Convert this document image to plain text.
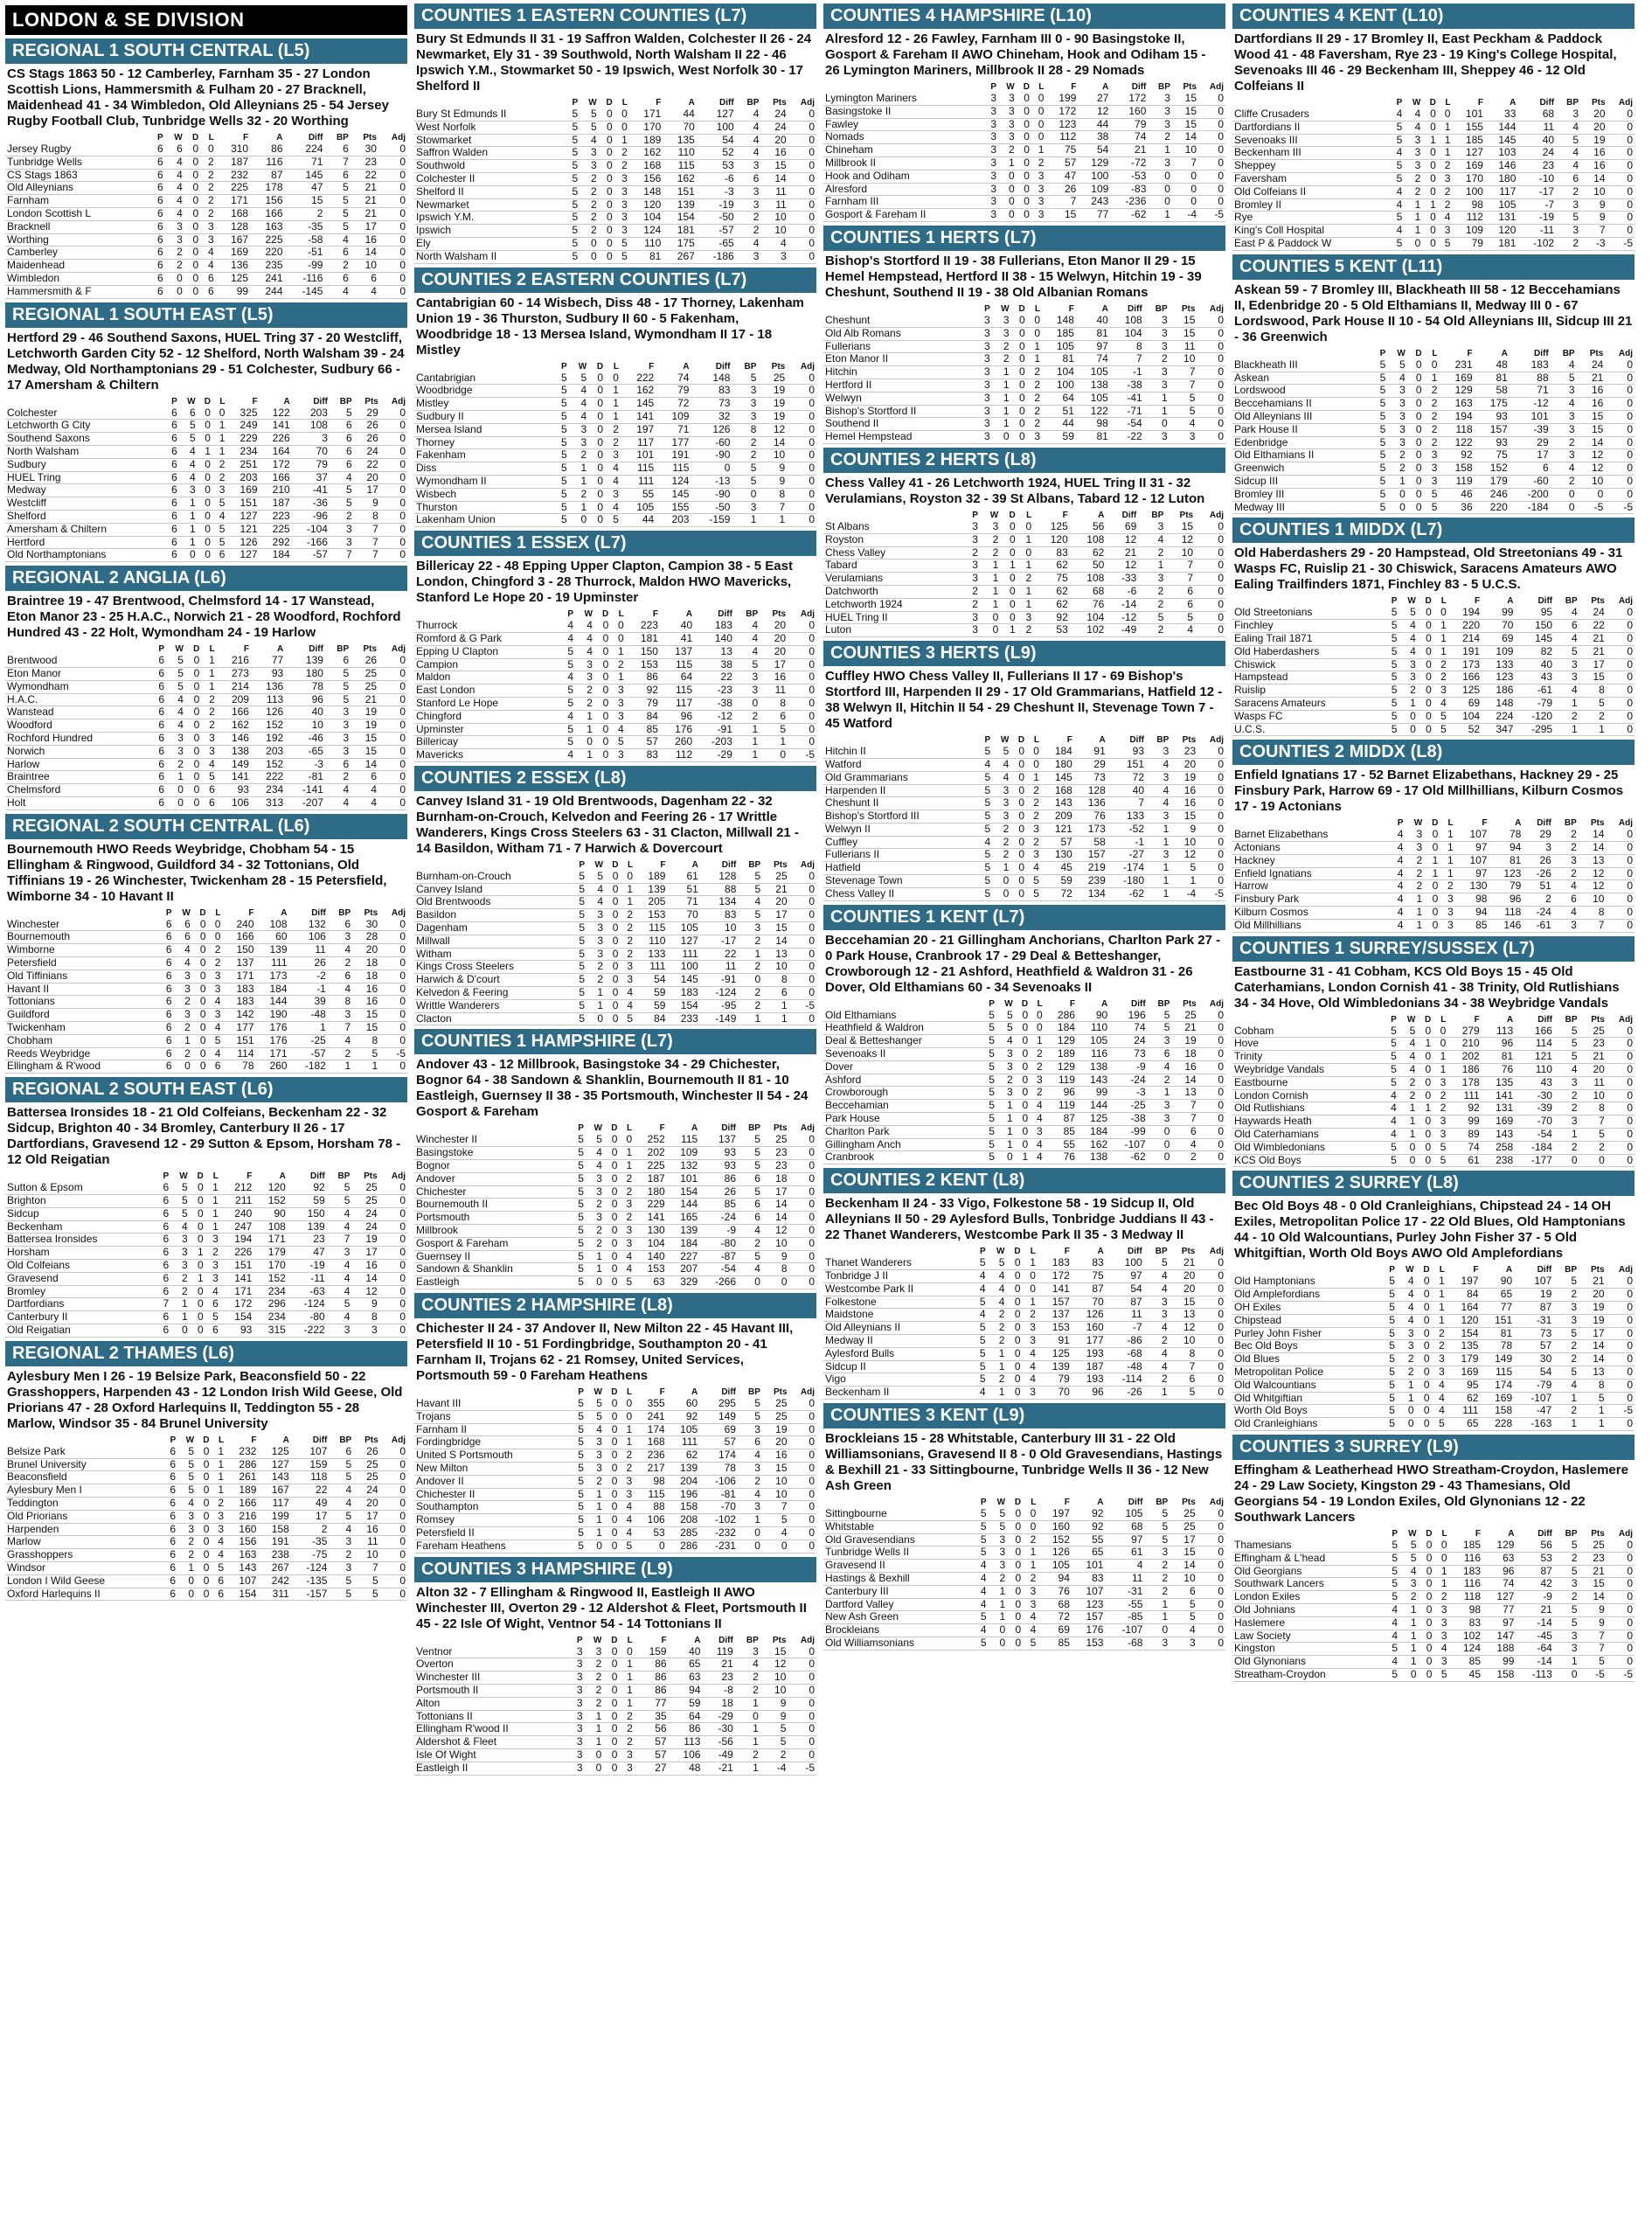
LONDON & SE DIVISION
REGIONAL 1 SOUTH CENTRAL (L5)
CS Stags 1863 50 - 12 Camberley, Farnham 35 - 27 London Scottish Lions, Hammersmith & Fulham 20 - 27 Bracknell, Maidenhead 41 - 34 Wimbledon, Old Alleynians 25 - 54 Jersey Rugby Football Club, Tunbridge Wells 32 - 20 Worthing
	P	W	D	L	F	A	Diff	BP	Pts	Adj
Jersey Rugby	6	6	0	0	310	86	224	6	30	0
Tunbridge Wells	6	4	0	2	187	116	71	7	23	0
CS Stags 1863	6	4	0	2	232	87	145	6	22	0
Old Alleynians	6	4	0	2	225	178	47	5	21	0
Farnham	6	4	0	2	171	156	15	5	21	0
London Scottish L	6	4	0	2	168	166	2	5	21	0
Bracknell	6	3	0	3	128	163	-35	5	17	0
Worthing	6	3	0	3	167	225	-58	4	16	0
Camberley	6	2	0	4	169	220	-51	6	14	0
Maidenhead	6	2	0	4	136	235	-99	2	10	0
Wimbledon	6	0	0	6	125	241	-116	6	6	0
Hammersmith & F	6	0	0	6	99	244	-145	4	4	0
REGIONAL 1 SOUTH EAST (L5)
Hertford 29 - 46 Southend Saxons, HUEL Tring 37 - 20 Westcliff, Letchworth Garden City 52 - 12 Shelford, North Walsham 39 - 24 Medway, Old Northamptonians 29 - 51 Colchester, Sudbury 66 - 17 Amersham & Chiltern
	P	W	D	L	F	A	Diff	BP	Pts	Adj
Colchester	6	6	0	0	325	122	203	5	29	0
Letchworth G City	6	5	0	1	249	141	108	6	26	0
Southend Saxons	6	5	0	1	229	226	3	6	26	0
North Walsham	6	4	1	1	234	164	70	6	24	0
Sudbury	6	4	0	2	251	172	79	6	22	0
HUEL Tring	6	4	0	2	203	166	37	4	20	0
Medway	6	3	0	3	169	210	-41	5	17	0
Westcliff	6	1	0	5	151	187	-36	5	9	0
Shelford	6	1	0	4	127	223	-96	2	8	0
Amersham & Chiltern	6	1	0	5	121	225	-104	3	7	0
Hertford	6	1	0	5	126	292	-166	3	7	0
Old Northamptonians	6	0	0	6	127	184	-57	7	7	0
REGIONAL 2 ANGLIA (L6)
Braintree 19 - 47 Brentwood, Chelmsford 14 - 17 Wanstead, Eton Manor 23 - 25 H.A.C., Norwich 21 - 28 Woodford, Rochford Hundred 43 - 22 Holt, Wymondham 24 - 19 Harlow
	P	W	D	L	F	A	Diff	BP	Pts	Adj
Brentwood	6	5	0	1	216	77	139	6	26	0
Eton Manor	6	5	0	1	273	93	180	5	25	0
Wymondham	6	5	0	1	214	136	78	5	25	0
H.A.C.	6	4	0	2	209	113	96	5	21	0
Wanstead	6	4	0	2	166	126	40	3	19	0
Woodford	6	4	0	2	162	152	10	3	19	0
Rochford Hundred	6	3	0	3	146	192	-46	3	15	0
Norwich	6	3	0	3	138	203	-65	3	15	0
Harlow	6	2	0	4	149	152	-3	6	14	0
Braintree	6	1	0	5	141	222	-81	2	6	0
Chelmsford	6	0	0	6	93	234	-141	4	4	0
Holt	6	0	0	6	106	313	-207	4	4	0
REGIONAL 2 SOUTH CENTRAL (L6)
Bournemouth HWO Reeds Weybridge, Chobham 54 - 15 Ellingham & Ringwood, Guildford 34 - 32 Tottonians, Old Tiffinians 19 - 26 Winchester, Twickenham 28 - 15 Petersfield, Wimborne 34 - 10 Havant II
	P	W	D	L	F	A	Diff	BP	Pts	Adj
Winchester	6	6	0	0	240	108	132	6	30	0
Bournemouth	6	6	0	0	166	60	106	3	28	0
Wimborne	6	4	0	2	150	139	11	4	20	0
Petersfield	6	4	0	2	137	111	26	2	18	0
Old Tiffinians	6	3	0	3	171	173	-2	6	18	0
Havant II	6	3	0	3	183	184	-1	4	16	0
Tottonians	6	2	0	4	183	144	39	8	16	0
Guildford	6	3	0	3	142	190	-48	3	15	0
Twickenham	6	2	0	4	177	176	1	7	15	0
Chobham	6	1	0	5	151	176	-25	4	8	0
Reeds Weybridge	6	2	0	4	114	171	-57	2	5	-5
Ellingham & R'wood	6	0	0	6	78	260	-182	1	1	0
REGIONAL 2 SOUTH EAST (L6)
Battersea Ironsides 18 - 21 Old Colfeians, Beckenham 22 - 32 Sidcup, Brighton 40 - 34 Bromley, Canterbury II 26 - 17 Dartfordians, Gravesend 12 - 29 Sutton & Epsom, Horsham 78 - 12 Old Reigatian
	P	W	D	L	F	A	Diff	BP	Pts	Adj
Sutton & Epsom	6	5	0	1	212	120	92	5	25	0
Brighton	6	5	0	1	211	152	59	5	25	0
Sidcup	6	5	0	1	240	90	150	4	24	0
Beckenham	6	4	0	1	247	108	139	4	24	0
Battersea Ironsides	6	3	0	3	194	171	23	7	19	0
Horsham	6	3	1	2	226	179	47	3	17	0
Old Colfeians	6	3	0	3	151	170	-19	4	16	0
Gravesend	6	2	1	3	141	152	-11	4	14	0
Bromley	6	2	0	4	171	234	-63	4	12	0
Dartfordians	7	1	0	6	172	296	-124	5	9	0
Canterbury II	6	1	0	5	154	234	-80	4	8	0
Old Reigatian	6	0	0	6	93	315	-222	3	3	0
REGIONAL 2 THAMES (L6)
Aylesbury Men I 26 - 19 Belsize Park, Beaconsfield 50 - 22 Grasshoppers, Harpenden 43 - 12 London Irish Wild Geese, Old Priorians 47 - 28 Oxford Harlequins II, Teddington 55 - 28 Marlow, Windsor 35 - 84 Brunel University
	P	W	D	L	F	A	Diff	BP	Pts	Adj
Belsize Park	6	5	0	1	232	125	107	6	26	0
Brunel University	6	5	0	1	286	127	159	5	25	0
Beaconsfield	6	5	0	1	261	143	118	5	25	0
Aylesbury Men I	6	5	0	1	189	167	22	4	24	0
Teddington	6	4	0	2	166	117	49	4	20	0
Old Priorians	6	3	0	3	216	199	17	5	17	0
Harpenden	6	3	0	3	160	158	2	4	16	0
Marlow	6	2	0	4	156	191	-35	3	11	0
Grasshoppers	6	2	0	4	163	238	-75	2	10	0
Windsor	6	1	0	5	143	267	-124	3	7	0
London I Wild Geese	6	0	0	6	107	242	-135	5	5	0
Oxford Harlequins II	6	0	0	6	154	311	-157	5	5	0
COUNTIES 1 EASTERN COUNTIES (L7)
Bury St Edmunds II 31 - 19 Saffron Walden, Colchester II 26 - 24 Newmarket, Ely 31 - 39 Southwold, North Walsham II 22 - 46 Ipswich Y.M., Stowmarket 50 - 19 Ipswich, West Norfolk 30 - 17 Shelford II
	P	W	D	L	F	A	Diff	BP	Pts	Adj
Bury St Edmunds II	5	5	0	0	171	44	127	4	24	0
West Norfolk	5	5	0	0	170	70	100	4	24	0
Stowmarket	5	4	0	1	189	135	54	4	20	0
Saffron Walden	5	3	0	2	162	110	52	4	16	0
Southwold	5	3	0	2	168	115	53	3	15	0
Colchester II	5	2	0	3	156	162	-6	6	14	0
Shelford II	5	2	0	3	148	151	-3	3	11	0
Newmarket	5	2	0	3	120	139	-19	3	11	0
Ipswich Y.M.	5	2	0	3	104	154	-50	2	10	0
Ipswich	5	2	0	3	124	181	-57	2	10	0
Ely	5	0	0	5	110	175	-65	4	4	0
North Walsham II	5	0	0	5	81	267	-186	3	3	0
COUNTIES 2 EASTERN COUNTIES (L7)
Cantabrigian 60 - 14 Wisbech, Diss 48 - 17 Thorney, Lakenham Union 19 - 36 Thurston, Sudbury II 60 - 5 Fakenham, Woodbridge 18 - 13 Mersea Island, Wymondham II 17 - 18 Mistley
	P	W	D	L	F	A	Diff	BP	Pts	Adj
Cantabrigian	5	5	0	0	222	74	148	5	25	0
Woodbridge	5	4	0	1	162	79	83	3	19	0
Mistley	5	4	0	1	145	72	73	3	19	0
Sudbury II	5	4	0	1	141	109	32	3	19	0
Mersea Island	5	3	0	2	197	71	126	8	12	0
Thorney	5	3	0	2	117	177	-60	2	14	0
Fakenham	5	2	0	3	101	191	-90	2	10	0
Diss	5	1	0	4	115	115	0	5	9	0
Wymondham II	5	1	0	4	111	124	-13	5	9	0
Wisbech	5	2	0	3	55	145	-90	0	8	0
Thurston	5	1	0	4	105	155	-50	3	7	0
Lakenham Union	5	0	0	5	44	203	-159	1	1	0
COUNTIES 1 ESSEX (L7)
Billericay 22 - 48 Epping Upper Clapton, Campion 38 - 5 East London, Chingford 3 - 28 Thurrock, Maldon HWO Mavericks, Stanford Le Hope 20 - 19 Upminster
	P	W	D	L	F	A	Diff	BP	Pts	Adj
Thurrock	4	4	0	0	223	40	183	4	20	0
Romford & G Park	4	4	0	0	181	41	140	4	20	0
Epping U Clapton	5	4	0	1	150	137	13	4	20	0
Campion	5	3	0	2	153	115	38	5	17	0
Maldon	4	3	0	1	86	64	22	3	16	0
East London	5	2	0	3	92	115	-23	3	11	0
Stanford Le Hope	5	2	0	3	79	117	-38	0	8	0
Chingford	4	1	0	3	84	96	-12	2	6	0
Upminster	5	1	0	4	85	176	-91	1	5	0
Billericay	5	0	0	5	57	260	-203	1	1	0
Mavericks	4	1	0	3	83	112	-29	1	0	-5
COUNTIES 2 ESSEX (L8)
Canvey Island 31 - 19 Old Brentwoods, Dagenham 22 - 32 Burnham-on-Crouch, Kelvedon and Feering 26 - 17 Writtle Wanderers, Kings Cross Steelers 63 - 31 Clacton, Millwall 21 - 14 Basildon, Witham 71 - 7 Harwich & Dovercourt
	P	W	D	L	F	A	Diff	BP	Pts	Adj
Burnham-on-Crouch	5	5	0	0	189	61	128	5	25	0
Canvey Island	5	4	0	1	139	51	88	5	21	0
Old Brentwoods	5	4	0	1	205	71	134	4	20	0
Basildon	5	3	0	2	153	70	83	5	17	0
Dagenham	5	3	0	2	115	105	10	3	15	0
Millwall	5	3	0	2	110	127	-17	2	14	0
Witham	5	3	0	2	133	111	22	1	13	0
Kings Cross Steelers	5	2	0	3	111	100	11	2	10	0
Harwich & D'court	5	2	0	3	54	145	-91	0	8	0
Kelvedon & Feering	5	1	0	4	59	183	-124	2	6	0
Writtle Wanderers	5	1	0	4	59	154	-95	2	1	-5
Clacton	5	0	0	5	84	233	-149	1	1	0
COUNTIES 1 HAMPSHIRE (L7)
Andover 43 - 12 Millbrook, Basingstoke 34 - 29 Chichester, Bognor 64 - 38 Sandown & Shanklin, Bournemouth II 81 - 10 Eastleigh, Guernsey II 38 - 35 Portsmouth, Winchester II 54 - 24 Gosport & Fareham
	P	W	D	L	F	A	Diff	BP	Pts	Adj
Winchester II	5	5	0	0	252	115	137	5	25	0
Basingstoke	5	4	0	1	202	109	93	5	23	0
Bognor	5	4	0	1	225	132	93	5	23	0
Andover	5	3	0	2	187	101	86	6	18	0
Chichester	5	3	0	2	180	154	26	5	17	0
Bournemouth II	5	2	0	3	229	144	85	6	14	0
Portsmouth	5	3	0	2	141	165	-24	6	14	0
Millbrook	5	2	0	3	130	139	-9	4	12	0
Gosport & Fareham	5	2	0	3	104	184	-80	2	10	0
Guernsey II	5	1	0	4	140	227	-87	5	9	0
Sandown & Shanklin	5	1	0	4	153	207	-54	4	8	0
Eastleigh	5	0	0	5	63	329	-266	0	0	0
COUNTIES 2 HAMPSHIRE (L8)
Chichester II 24 - 37 Andover II, New Milton 22 - 45 Havant III, Petersfield II 10 - 51 Fordingbridge, Southampton 20 - 41 Farnham II, Trojans 62 - 21 Romsey, United Services, Portsmouth 59 - 0 Fareham Heathens
	P	W	D	L	F	A	Diff	BP	Pts	Adj
Havant III	5	5	0	0	355	60	295	5	25	0
Trojans	5	5	0	0	241	92	149	5	25	0
Farnham II	5	4	0	1	174	105	69	3	19	0
Fordingbridge	5	3	0	1	168	111	57	6	20	0
United S Portsmouth	5	3	0	2	236	62	174	4	16	0
New Milton	5	3	0	2	217	139	78	3	15	0
Andover II	5	2	0	3	98	204	-106	2	10	0
Chichester II	5	1	0	3	115	196	-81	4	10	0
Southampton	5	1	0	4	88	158	-70	3	7	0
Romsey	5	1	0	4	106	208	-102	1	5	0
Petersfield II	5	1	0	4	53	285	-232	0	4	0
Fareham Heathens	5	0	0	5	0	286	-231	0	0	0
COUNTIES 3 HAMPSHIRE (L9)
Alton 32 - 7 Ellingham & Ringwood II, Eastleigh II AWO Winchester III, Overton 29 - 12 Aldershot & Fleet, Portsmouth II 45 - 22 Isle Of Wight, Ventnor 54 - 14 Tottonians II
	P	W	D	L	F	A	Diff	BP	Pts	Adj
Ventnor	3	3	0	0	159	40	119	3	15	0
Overton	3	2	0	1	86	65	21	4	12	0
Winchester III	3	2	0	1	86	63	23	2	10	0
Portsmouth II	3	2	0	1	86	94	-8	2	10	0
Alton	3	2	0	1	77	59	18	1	9	0
Tottonians II	3	1	0	2	35	64	-29	0	9	0
Ellingham R'wood II	3	1	0	2	56	86	-30	1	5	0
Aldershot & Fleet	3	1	0	2	57	113	-56	1	5	0
Isle Of Wight	3	0	0	3	57	106	-49	2	2	0
Eastleigh II	3	0	0	3	27	48	-21	1	-4	-5
COUNTIES 4 HAMPSHIRE (L10)
Alresford 12 - 26 Fawley, Farnham III 0 - 90 Basingstoke II, Gosport & Fareham II AWO Chineham, Hook and Odiham 15 - 26 Lymington Mariners, Millbrook II 28 - 29 Nomads
	P	W	D	L	F	A	Diff	BP	Pts	Adj
Lymington Mariners	3	3	0	0	199	27	172	3	15	0
Basingstoke II	3	3	0	0	172	12	160	3	15	0
Fawley	3	3	0	0	123	44	79	3	15	0
Nomads	3	3	0	0	112	38	74	2	14	0
Chineham	3	2	0	1	75	54	21	1	10	0
Millbrook II	3	1	0	2	57	129	-72	3	7	0
Hook and Odiham	3	0	0	3	47	100	-53	0	0	0
Alresford	3	0	0	3	26	109	-83	0	0	0
Farnham III	3	0	0	3	7	243	-236	0	0	0
Gosport & Fareham II	3	0	0	3	15	77	-62	1	-4	-5
COUNTIES 1 HERTS (L7)
Bishop's Stortford II 19 - 38 Fullerians, Eton Manor II 29 - 15 Hemel Hempstead, Hertford II 38 - 15 Welwyn, Hitchin 19 - 39 Cheshunt, Southend II 19 - 38 Old Albanian Romans
	P	W	D	L	F	A	Diff	BP	Pts	Adj
Cheshunt	3	3	0	0	148	40	108	3	15	0
Old Alb Romans	3	3	0	0	185	81	104	3	15	0
Fullerians	3	2	0	1	105	97	8	3	11	0
Eton Manor II	3	2	0	1	81	74	7	2	10	0
Hitchin	3	1	0	2	104	105	-1	3	7	0
Hertford II	3	1	0	2	100	138	-38	3	7	0
Welwyn	3	1	0	2	64	105	-41	1	5	0
Bishop's Stortford II	3	1	0	2	51	122	-71	1	5	0
Southend II	3	1	0	2	44	98	-54	0	4	0
Hemel Hempstead	3	0	0	3	59	81	-22	3	3	0
COUNTIES 2 HERTS (L8)
Chess Valley 41 - 26 Letchworth 1924, HUEL Tring II 31 - 32 Verulamians, Royston 32 - 39 St Albans, Tabard 12 - 12 Luton
	P	W	D	L	F	A	Diff	BP	Pts	Adj
St Albans	3	3	0	0	125	56	69	3	15	0
Royston	3	2	0	1	120	108	12	4	12	0
Chess Valley	2	2	0	0	83	62	21	2	10	0
Tabard	3	1	1	1	62	50	12	1	7	0
Verulamians	3	1	0	2	75	108	-33	3	7	0
Datchworth	2	1	0	1	62	68	-6	2	6	0
Letchworth 1924	2	1	0	1	62	76	-14	2	6	0
HUEL Tring II	3	0	0	3	92	104	-12	5	5	0
Luton	3	0	1	2	53	102	-49	2	4	0
COUNTIES 3 HERTS (L9)
Cuffley HWO Chess Valley II, Fullerians II 17 - 69 Bishop's Stortford III, Harpenden II 29 - 17 Old Grammarians, Hatfield 12 - 38 Welwyn II, Hitchin II 54 - 29 Cheshunt II, Stevenage Town 7 - 45 Watford
	P	W	D	L	F	A	Diff	BP	Pts	Adj
Hitchin II	5	5	0	0	184	91	93	3	23	0
Watford	4	4	0	0	180	29	151	4	20	0
Old Grammarians	5	4	0	1	145	73	72	3	19	0
Harpenden II	5	3	0	2	168	128	40	4	16	0
Cheshunt II	5	3	0	2	143	136	7	4	16	0
Bishop's Stortford III	5	3	0	2	209	76	133	3	15	0
Welwyn II	5	2	0	3	121	173	-52	1	9	0
Cuffley	4	2	0	2	57	58	-1	1	10	0
Fullerians II	5	2	0	3	130	157	-27	3	12	0
Hatfield	5	1	0	4	45	219	-174	1	5	0
Stevenage Town	5	0	0	5	59	239	-180	1	1	0
Chess Valley II	5	0	0	5	72	134	-62	1	-4	-5
COUNTIES 1 KENT (L7)
Beccehamian 20 - 21 Gillingham Anchorians, Charlton Park 27 - 0 Park House, Cranbrook 17 - 29 Deal & Betteshanger, Crowborough 12 - 21 Ashford, Heathfield & Waldron 31 - 26 Dover, Old Elthamians 60 - 34 Sevenoaks II
	P	W	D	L	F	A	Diff	BP	Pts	Adj
Old Elthamians	5	5	0	0	286	90	196	5	25	0
Heathfield & Waldron	5	5	0	0	184	110	74	5	21	0
Deal & Betteshanger	5	4	0	1	129	105	24	3	19	0
Sevenoaks II	5	3	0	2	189	116	73	6	18	0
Dover	5	3	0	2	129	138	-9	4	16	0
Ashford	5	2	0	3	119	143	-24	2	14	0
Crowborough	5	3	0	2	96	99	-3	1	13	0
Beccehamian	5	1	0	4	119	144	-25	3	7	0
Park House	5	1	0	4	87	125	-38	3	7	0
Charlton Park	5	1	0	3	85	184	-99	0	6	0
Gillingham Anch	5	1	0	4	55	162	-107	0	4	0
Cranbrook	5	0	1	4	76	138	-62	0	2	0
COUNTIES 2 KENT (L8)
Beckenham II 24 - 33 Vigo, Folkestone 58 - 19 Sidcup II, Old Alleynians II 50 - 29 Aylesford Bulls, Tonbridge Juddians II 43 - 22 Thanet Wanderers, Westcombe Park II 35 - 3 Medway II
	P	W	D	L	F	A	Diff	BP	Pts	Adj
Thanet Wanderers	5	5	0	1	183	83	100	5	21	0
Tonbridge J II	4	4	0	0	172	75	97	4	20	0
Westcombe Park II	4	4	0	0	141	87	54	4	20	0
Folkestone	5	4	0	1	157	70	87	3	15	0
Maidstone	4	2	0	2	137	126	11	3	13	0
Old Alleynians II	5	2	0	3	153	160	-7	4	12	0
Medway II	5	2	0	3	91	177	-86	2	10	0
Aylesford Bulls	5	1	0	4	125	193	-68	4	8	0
Sidcup II	5	1	0	4	139	187	-48	4	7	0
Vigo	5	2	0	4	79	193	-114	2	6	0
Beckenham II	4	1	0	3	70	96	-26	1	5	0
COUNTIES 3 KENT (L9)
Brockleians 15 - 28 Whitstable, Canterbury III 31 - 22 Old Williamsonians, Gravesend II 8 - 0 Old Gravesendians, Hastings & Bexhill 21 - 33 Sittingbourne, Tunbridge Wells II 36 - 12 New Ash Green
	P	W	D	L	F	A	Diff	BP	Pts	Adj
Sittingbourne	5	5	0	0	197	92	105	5	25	0
Whitstable	5	5	0	0	160	92	68	5	25	0
Old Gravesendians	5	3	0	2	152	55	97	5	17	0
Tunbridge Wells II	5	3	0	1	126	65	61	3	15	0
Gravesend II	4	3	0	1	105	101	4	2	14	0
Hastings & Bexhill	4	2	0	2	94	83	11	2	10	0
Canterbury III	4	1	0	3	76	107	-31	2	6	0
Dartford Valley	4	1	0	3	68	123	-55	1	5	0
New Ash Green	5	1	0	4	72	157	-85	1	5	0
Brockleians	4	0	0	4	69	176	-107	0	4	0
Old Williamsonians	5	0	0	5	85	153	-68	3	3	0
COUNTIES 4 KENT (L10)
Dartfordians II 29 - 17 Bromley II, East Peckham & Paddock Wood 41 - 48 Faversham, Rye 23 - 19 King's College Hospital, Sevenoaks III 46 - 29 Beckenham III, Sheppey 46 - 12 Old Colfeians II
	P	W	D	L	F	A	Diff	BP	Pts	Adj
Cliffe Crusaders	4	4	0	0	101	33	68	3	20	0
Dartfordians II	5	4	0	1	155	144	11	4	20	0
Sevenoaks III	5	3	1	1	185	145	40	5	19	0
Beckenham III	4	3	0	1	127	103	24	4	16	0
Sheppey	5	3	0	2	169	146	23	4	16	0
Faversham	5	2	0	3	170	180	-10	6	14	0
Old Colfeians II	4	2	0	2	100	117	-17	2	10	0
Bromley II	4	1	1	2	98	105	-7	3	9	0
Rye	5	1	0	4	112	131	-19	5	9	0
King's Coll Hospital	4	1	0	3	109	120	-11	3	7	0
East P & Paddock W	5	0	0	5	79	181	-102	2	-3	-5
COUNTIES 5 KENT (L11)
Askean 59 - 7 Bromley III, Blackheath III 58 - 12 Beccehamians II, Edenbridge 20 - 5 Old Elthamians II, Medway III 0 - 67 Lordswood, Park House II 10 - 54 Old Alleynians III, Sidcup III 21 - 36 Greenwich
	P	W	D	L	F	A	Diff	BP	Pts	Adj
Blackheath III	5	5	0	0	231	48	183	4	24	0
Askean	5	4	0	1	169	81	88	5	21	0
Lordswood	5	3	0	2	129	58	71	3	16	0
Beccehamians II	5	3	0	2	163	175	-12	4	16	0
Old Alleynians III	5	3	0	2	194	93	101	3	15	0
Park House II	5	3	0	2	118	157	-39	3	15	0
Edenbridge	5	3	0	2	122	93	29	2	14	0
Old Elthamians II	5	2	0	3	92	75	17	3	12	0
Greenwich	5	2	0	3	158	152	6	4	12	0
Sidcup III	5	1	0	3	119	179	-60	2	10	0
Bromley III	5	0	0	5	46	246	-200	0	0	0
Medway III	5	0	0	5	36	220	-184	0	-5	-5
COUNTIES 1 MIDDX (L7)
Old Haberdashers 29 - 20 Hampstead, Old Streetonians 49 - 31 Wasps FC, Ruislip 21 - 30 Chiswick, Saracens Amateurs AWO Ealing Trailfinders 1871, Finchley 83 - 5 U.C.S.
	P	W	D	L	F	A	Diff	BP	Pts	Adj
Old Streetonians	5	5	0	0	194	99	95	4	24	0
Finchley	5	4	0	1	220	70	150	6	22	0
Ealing Trail 1871	5	4	0	1	214	69	145	4	21	0
Old Haberdashers	5	4	0	1	191	109	82	5	21	0
Chiswick	5	3	0	2	173	133	40	3	17	0
Hampstead	5	3	0	2	166	123	43	3	15	0
Ruislip	5	2	0	3	125	186	-61	4	8	0
Saracens Amateurs	5	1	0	4	69	148	-79	1	5	0
Wasps FC	5	0	0	5	104	224	-120	2	2	0
U.C.S.	5	0	0	5	52	347	-295	1	1	0
COUNTIES 2 MIDDX (L8)
Enfield Ignatians 17 - 52 Barnet Elizabethans, Hackney 29 - 25 Finsbury Park, Harrow 69 - 17 Old Millhillians, Kilburn Cosmos 17 - 19 Actonians
	P	W	D	L	F	A	Diff	BP	Pts	Adj
Barnet Elizabethans	4	3	0	1	107	78	29	2	14	0
Actonians	4	3	0	1	97	94	3	2	14	0
Hackney	4	2	1	1	107	81	26	3	13	0
Enfield Ignatians	4	2	1	1	97	123	-26	2	12	0
Harrow	4	2	0	2	130	79	51	4	12	0
Finsbury Park	4	1	0	3	98	96	2	6	10	0
Kilburn Cosmos	4	1	0	3	94	118	-24	4	8	0
Old Millhillians	4	1	0	3	85	146	-61	3	7	0
COUNTIES 1 SURREY/SUSSEX (L7)
Eastbourne 31 - 41 Cobham, KCS Old Boys 15 - 45 Old Caterhamians, London Cornish 41 - 38 Trinity, Old Rutlishians 34 - 34 Hove, Old Wimbledonians 34 - 38 Weybridge Vandals
	P	W	D	L	F	A	Diff	BP	Pts	Adj
Cobham	5	5	0	0	279	113	166	5	25	0
Hove	5	4	1	0	210	96	114	5	23	0
Trinity	5	4	0	1	202	81	121	5	21	0
Weybridge Vandals	5	4	0	1	186	76	110	4	20	0
Eastbourne	5	2	0	3	178	135	43	3	11	0
London Cornish	4	2	0	2	111	141	-30	2	10	0
Old Rutlishians	4	1	1	2	92	131	-39	2	8	0
Haywards Heath	4	1	0	3	99	169	-70	3	7	0
Old Caterhamians	4	1	0	3	89	143	-54	1	5	0
Old Wimbledonians	5	0	0	5	74	258	-184	2	2	0
KCS Old Boys	5	0	0	5	61	238	-177	0	0	0
COUNTIES 2 SURREY (L8)
Bec Old Boys 48 - 0 Old Cranleighians, Chipstead 24 - 14 OH Exiles, Metropolitan Police 17 - 22 Old Blues, Old Hamptonians 44 - 10 Old Walcountians, Purley John Fisher 37 - 5 Old Whitgiftian, Worth Old Boys AWO Old Amplefordians
	P	W	D	L	F	A	Diff	BP	Pts	Adj
Old Hamptonians	5	4	0	1	197	90	107	5	21	0
Old Amplefordians	5	4	0	1	84	65	19	2	20	0
OH Exiles	5	4	0	1	164	77	87	3	19	0
Chipstead	5	4	0	1	120	151	-31	3	19	0
Purley John Fisher	5	3	0	2	154	81	73	5	17	0
Bec Old Boys	5	3	0	2	135	78	57	2	14	0
Old Blues	5	2	0	3	179	149	30	2	14	0
Metropolitan Police	5	2	0	3	169	115	54	5	13	0
Old Walcountians	5	1	0	4	95	174	-79	4	8	0
Old Whitgiftian	5	1	0	4	62	169	-107	1	5	0
Worth Old Boys	5	0	0	4	111	158	-47	2	1	-5
Old Cranleighians	5	0	0	5	65	228	-163	1	1	0
COUNTIES 3 SURREY (L9)
Effingham & Leatherhead HWO Streatham-Croydon, Haslemere 24 - 29 Law Society, Kingston 29 - 43 Thamesians, Old Georgians 54 - 19 London Exiles, Old Glynonians 12 - 22 Southwark Lancers
	P	W	D	L	F	A	Diff	BP	Pts	Adj
Thamesians	5	5	0	0	185	129	56	5	25	0
Effingham & L'head	5	5	0	0	116	63	53	2	23	0
Old Georgians	5	4	0	1	183	96	87	5	21	0
Southwark Lancers	5	3	0	1	116	74	42	3	15	0
London Exiles	5	2	0	2	118	127	-9	2	14	0
Old Johnians	4	1	0	3	98	77	21	5	9	0
Haslemere	4	1	0	3	83	97	-14	5	9	0
Law Society	4	1	0	3	102	147	-45	3	7	0
Kingston	5	1	0	4	124	188	-64	3	7	0
Old Glynonians	4	1	0	3	85	99	-14	1	5	0
Streatham-Croydon	5	0	0	5	45	158	-113	0	-5	-5
